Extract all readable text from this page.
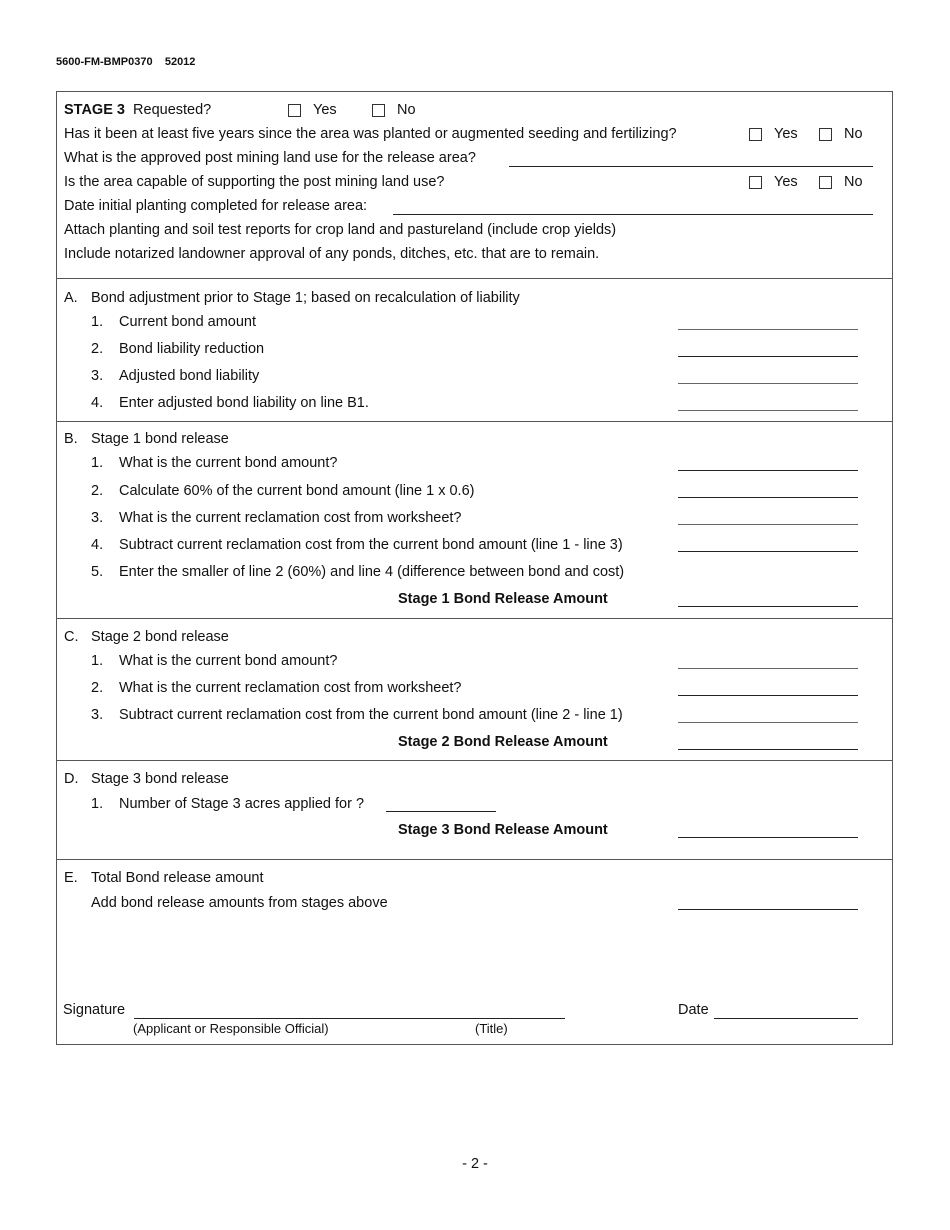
5600-FM-BMP0370 52012
STAGE 3 Requested?	Yes	No
Has it been at least five years since the area was planted or augmented seeding and fertilizing?	Yes	No
What is the approved post mining land use for the release area?
Is the area capable of supporting the post mining land use?	Yes	No
Date initial planting completed for release area:
Attach planting and soil test reports for crop land and pastureland (include crop yields)
Include notarized landowner approval of any ponds, ditches, etc. that are to remain.
A. Bond adjustment prior to Stage 1; based on recalculation of liability
1. Current bond amount
2. Bond liability reduction
3. Adjusted bond liability
4. Enter adjusted bond liability on line B1.
B. Stage 1 bond release
1. What is the current bond amount?
2. Calculate 60% of the current bond amount (line 1 x 0.6)
3. What is the current reclamation cost from worksheet?
4. Subtract current reclamation cost from the current bond amount (line 1 - line 3)
5. Enter the smaller of line 2 (60%) and line 4 (difference between bond and cost)
Stage 1 Bond Release Amount
C. Stage 2 bond release
1. What is the current bond amount?
2. What is the current reclamation cost from worksheet?
3. Subtract current reclamation cost from the current bond amount (line 2 - line 1)
Stage 2 Bond Release Amount
D. Stage 3 bond release
1. Number of Stage 3 acres applied for ?
Stage 3 Bond Release Amount
E. Total Bond release amount
Add bond release amounts from stages above
Signature
(Applicant or Responsible Official)	(Title)
Date
- 2 -
